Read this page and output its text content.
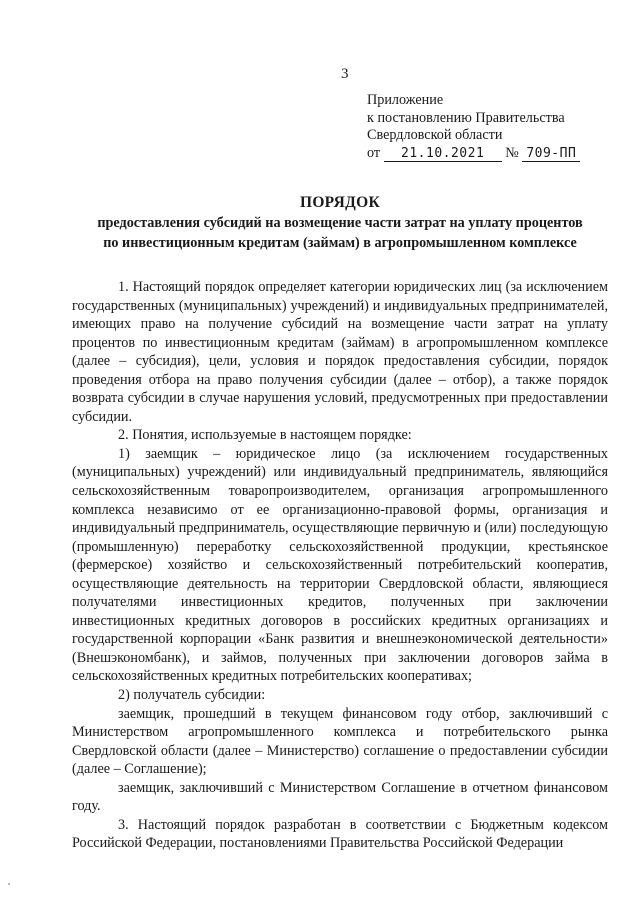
3
Приложение
к постановлению Правительства
Свердловской области
от 21.10.2021 № 709-ПП
ПОРЯДОК
предоставления субсидий на возмещение части затрат на уплату процентов
по инвестиционным кредитам (займам) в агропромышленном комплексе

1. Настоящий порядок определяет категории юридических лиц (за исключением государственных (муниципальных) учреждений) и индивидуальных предпринимателей, имеющих право на получение субсидий на возмещение части затрат на уплату процентов по инвестиционным кредитам (займам) в агропромышленном комплексе (далее – субсидия), цели, условия и порядок предоставления субсидии, порядок проведения отбора на право получения субсидии (далее – отбор), а также порядок возврата субсидии в случае нарушения условий, предусмотренных при предоставлении субсидии.

2. Понятия, используемые в настоящем порядке:

1) заемщик – юридическое лицо (за исключением государственных (муниципальных) учреждений) или индивидуальный предприниматель, являющийся сельскохозяйственным товаропроизводителем, организация агропромышленного комплекса независимо от ее организационно-правовой формы, организация и индивидуальный предприниматель, осуществляющие первичную и (или) последующую (промышленную) переработку сельскохозяйственной продукции, крестьянское (фермерское) хозяйство и сельскохозяйственный потребительский кооператив, осуществляющие деятельность на территории Свердловской области, являющиеся получателями инвестиционных кредитов, полученных при заключении инвестиционных кредитных договоров в российских кредитных организациях и государственной корпорации «Банк развития и внешнеэкономической деятельности» (Внешэкономбанк), и займов, полученных при заключении договоров займа в сельскохозяйственных кредитных потребительских кооперативах;

2) получатель субсидии:

заемщик, прошедший в текущем финансовом году отбор, заключивший с Министерством агропромышленного комплекса и потребительского рынка Свердловской области (далее – Министерство) соглашение о предоставлении субсидии (далее – Соглашение);

заемщик, заключивший с Министерством Соглашение в отчетном финансовом году.

3. Настоящий порядок разработан в соответствии с Бюджетным кодексом Российской Федерации, постановлениями Правительства Российской Федерации
